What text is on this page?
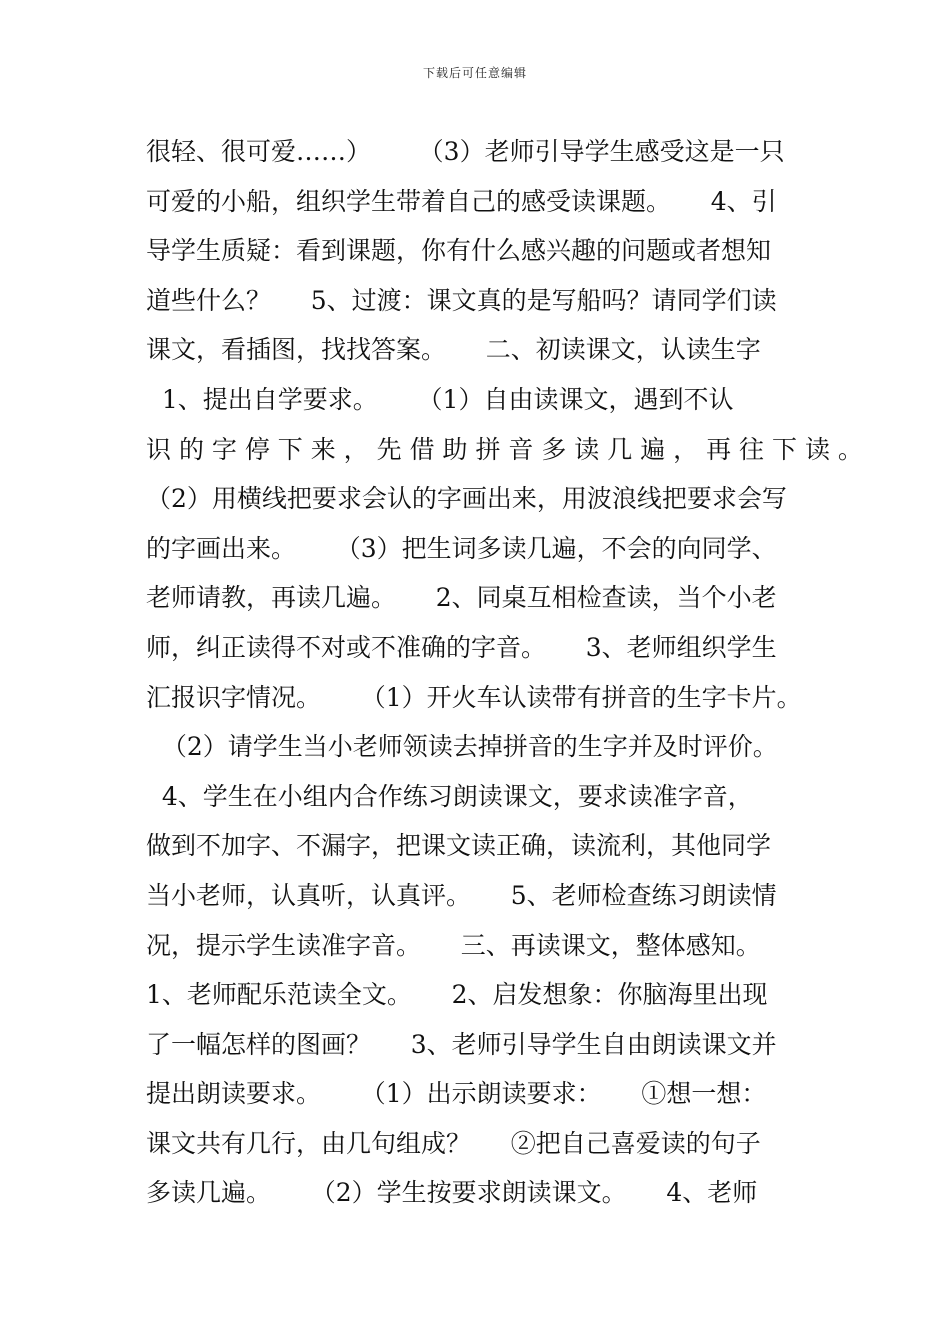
下载后可任意编辑
很轻、很可爱……）      （3）老师引导学生感受这是一只
可爱的小船，组织学生带着自己的感受读课题。     4、引
导学生质疑：看到课题，你有什么感兴趣的问题或者想知
道些什么？     5、过渡：课文真的是写船吗？请同学们读
课文，看插图，找找答案。     二、初读课文，认读生字
1、提出自学要求。     （1）自由读课文，遇到不认
识 的 字 停 下 来 ， 先 借 助 拼 音 多 读 几 遍 ， 再 往 下 读 。
（2）用横线把要求会认的字画出来，用波浪线把要求会写
的字画出来。     （3）把生词多读几遍，不会的向同学、
老师请教，再读几遍。     2、同桌互相检查读，当个小老
师，纠正读得不对或不准确的字音。     3、老师组织学生
汇报识字情况。     （1）开火车认读带有拼音的生字卡片。
（2）请学生当小老师领读去掉拼音的生字并及时评价。
4、学生在小组内合作练习朗读课文，要求读准字音，
做到不加字、不漏字，把课文读正确，读流利，其他同学
当小老师，认真听，认真评。     5、老师检查练习朗读情
况，提示学生读准字音。     三、再读课文，整体感知。
1、老师配乐范读全文。     2、启发想象：你脑海里出现
了一幅怎样的图画？     3、老师引导学生自由朗读课文并
提出朗读要求。     （1）出示朗读要求：     ①想一想：
课文共有几行，由几句组成？     ②把自己喜爱读的句子
多读几遍。     （2）学生按要求朗读课文。     4、老师
